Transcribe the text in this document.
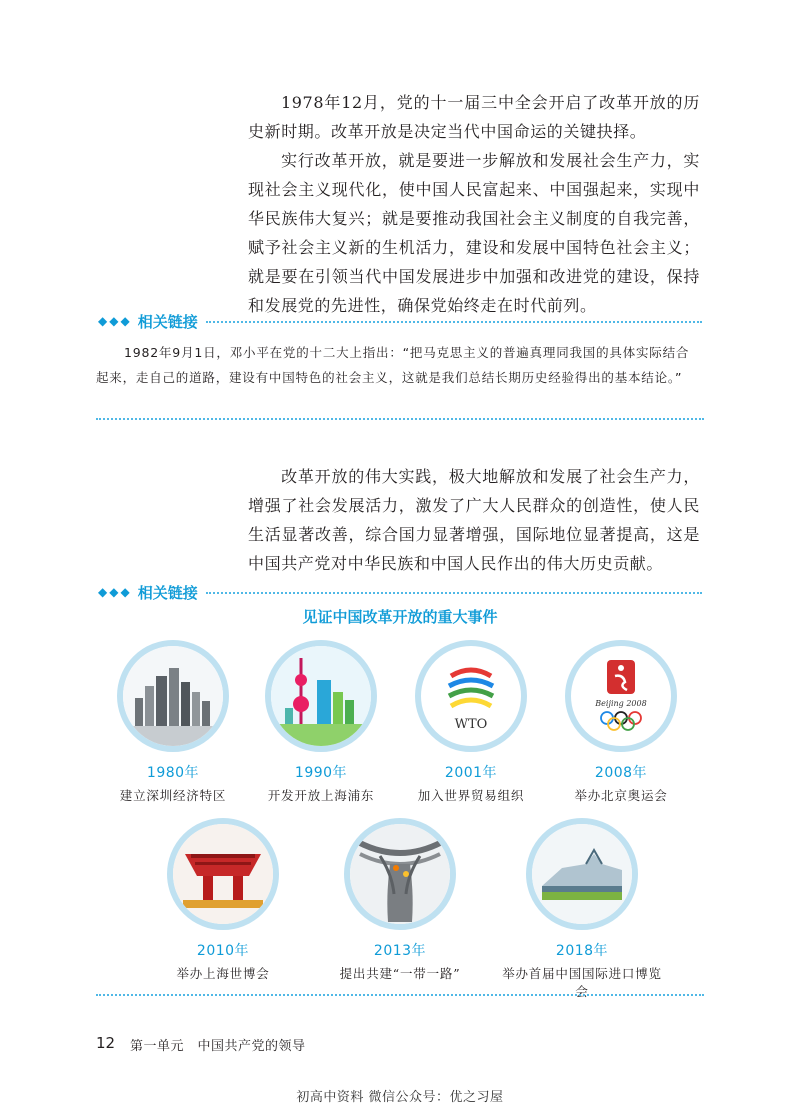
1978年12月，党的十一届三中全会开启了改革开放的历史新时期。改革开放是决定当代中国命运的关键抉择。

实行改革开放，就是要进一步解放和发展社会生产力，实现社会主义现代化，使中国人民富起来、中国强起来，实现中华民族伟大复兴；就是要推动我国社会主义制度的自我完善，赋予社会主义新的生机活力，建设和发展中国特色社会主义；就是要在引领当代中国发展进步中加强和改进党的建设，保持和发展党的先进性，确保党始终走在时代前列。

◆◆◆ 相关链接

1982年9月1日，邓小平在党的十二大上指出：“把马克思主义的普遍真理同我国的具体实际结合起来，走自己的道路，建设有中国特色的社会主义，这就是我们总结长期历史经验得出的基本结论。”

改革开放的伟大实践，极大地解放和发展了社会生产力，增强了社会发展活力，激发了广大人民群众的创造性，使人民生活显著改善，综合国力显著增强，国际地位显著提高，这是中国共产党对中华民族和中国人民作出的伟大历史贡献。

◆◆◆ 相关链接
见证中国改革开放的重大事件
1980年
建立深圳经济特区
1990年
开发开放上海浦东
WTO
2001年
加入世界贸易组织
Beijing 2008
2008年
举办北京奥运会
2010年
举办上海世博会
2013年
提出共建“一带一路”
2018年
举办首届中国国际进口博览会
12 第一单元　中国共产党的领导
初高中资料 微信公众号：优之习屋
